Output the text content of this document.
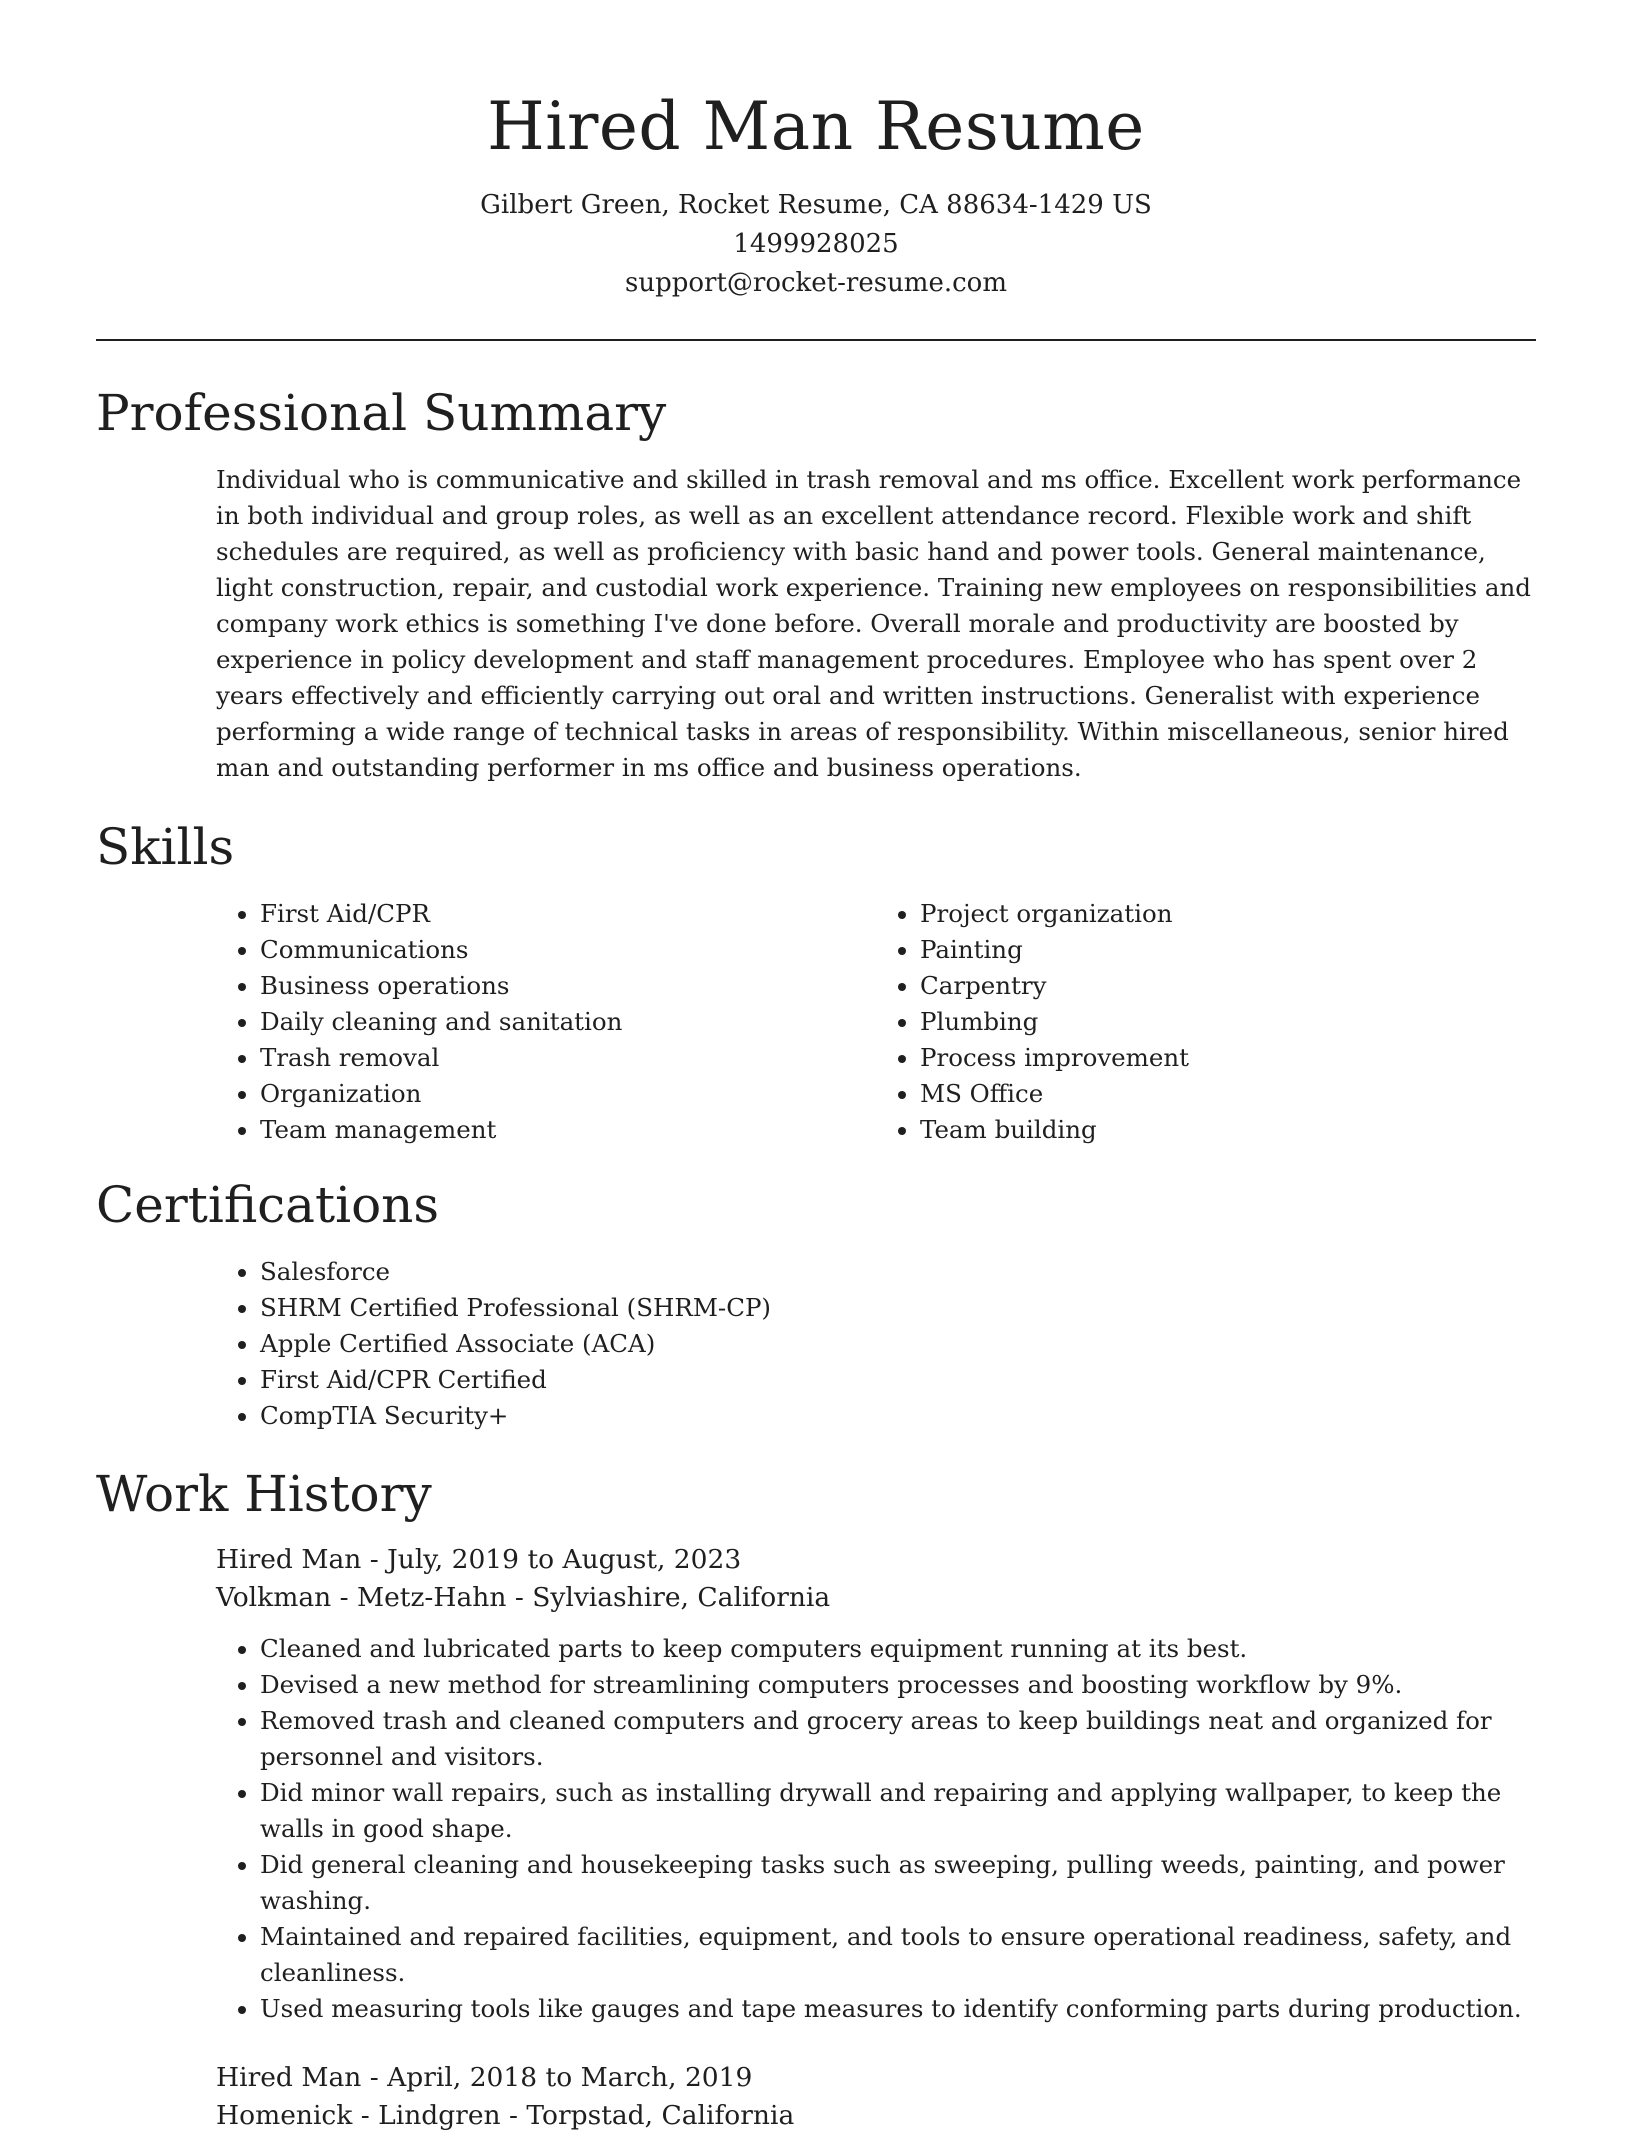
Hired Man Resume
Gilbert Green, Rocket Resume, CA 88634-1429 US
1499928025
support@rocket-resume.com
Professional Summary

Individual who is communicative and skilled in trash removal and ms office. Excellent work performance in both individual and group roles, as well as an excellent attendance record. Flexible work and shift schedules are required, as well as proficiency with basic hand and power tools. General maintenance, light construction, repair, and custodial work experience. Training new employees on responsibilities and company work ethics is something I've done before. Overall morale and productivity are boosted by experience in policy development and staff management procedures. Employee who has spent over 2 years effectively and efficiently carrying out oral and written instructions. Generalist with experience performing a wide range of technical tasks in areas of responsibility. Within miscellaneous, senior hired man and outstanding performer in ms office and business operations.

Skills
• First Aid/CPR
• Communications
• Business operations
• Daily cleaning and sanitation
• Trash removal
• Organization
• Team management
• Project organization
• Painting
• Carpentry
• Plumbing
• Process improvement
• MS Office
• Team building
Certifications
• Salesforce
• SHRM Certified Professional (SHRM-CP)
• Apple Certified Associate (ACA)
• First Aid/CPR Certified
• CompTIA Security+
Work History
Hired Man - July, 2019 to August, 2023
Volkman - Metz-Hahn - Sylviashire, California
• Cleaned and lubricated parts to keep computers equipment running at its best.
• Devised a new method for streamlining computers processes and boosting workflow by 9%.
• Removed trash and cleaned computers and grocery areas to keep buildings neat and organized for personnel and visitors.
• Did minor wall repairs, such as installing drywall and repairing and applying wallpaper, to keep the walls in good shape.
• Did general cleaning and housekeeping tasks such as sweeping, pulling weeds, painting, and power washing.
• Maintained and repaired facilities, equipment, and tools to ensure operational readiness, safety, and cleanliness.
• Used measuring tools like gauges and tape measures to identify conforming parts during production.
Hired Man - April, 2018 to March, 2019
Homenick - Lindgren - Torpstad, California
